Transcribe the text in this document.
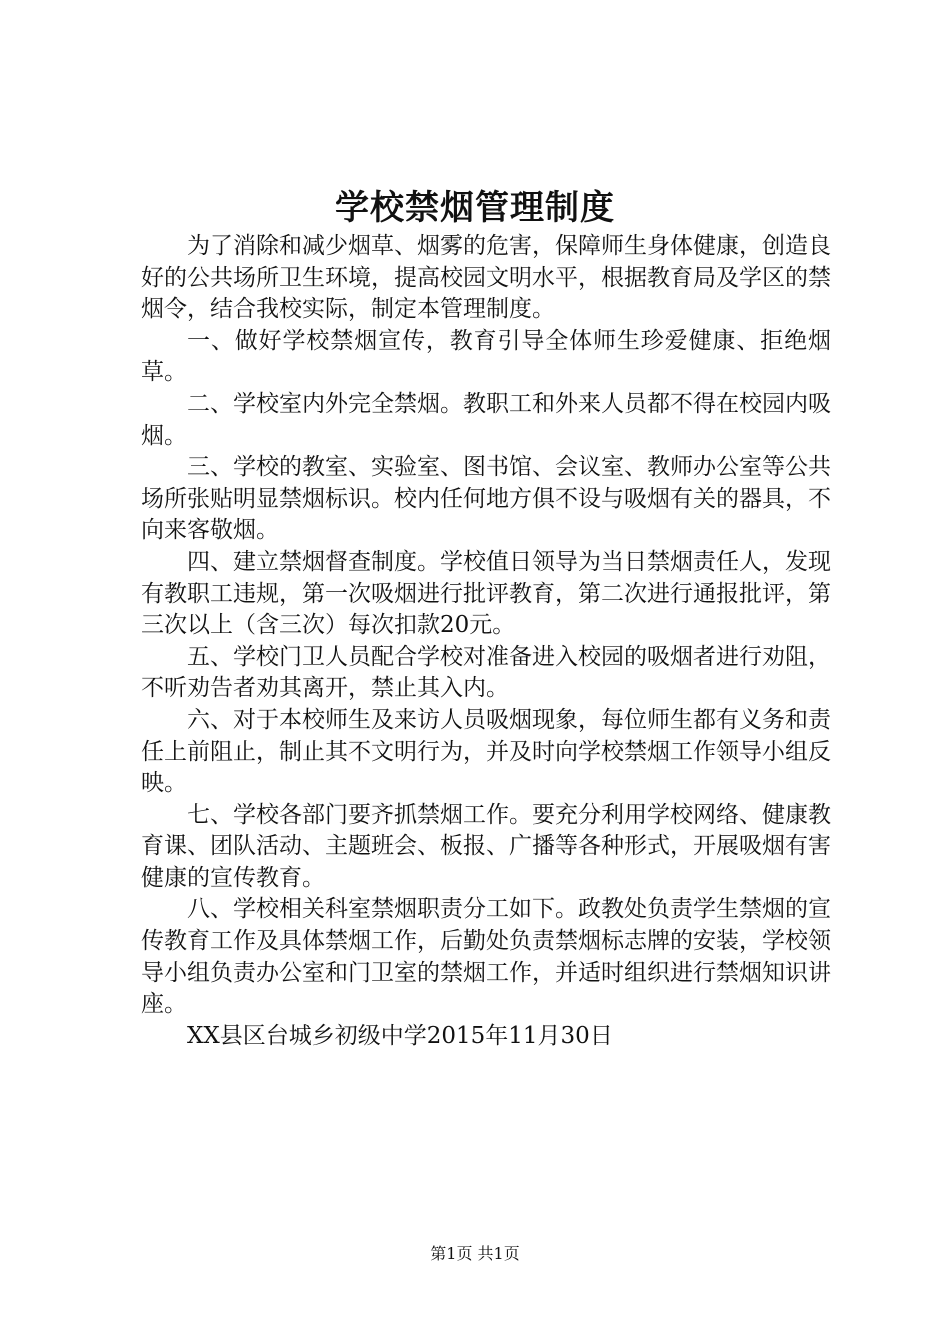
学校禁烟管理制度

为了消除和减少烟草、烟雾的危害，保障师生身体健康，创造良好的公共场所卫生环境，提高校园文明水平，根据教育局及学区的禁烟令，结合我校实际，制定本管理制度。

一、做好学校禁烟宣传，教育引导全体师生珍爱健康、拒绝烟草。

二、学校室内外完全禁烟。教职工和外来人员都不得在校园内吸烟。

三、学校的教室、实验室、图书馆、会议室、教师办公室等公共场所张贴明显禁烟标识。校内任何地方俱不设与吸烟有关的器具，不向来客敬烟。

四、建立禁烟督查制度。学校值日领导为当日禁烟责任人，发现有教职工违规，第一次吸烟进行批评教育，第二次进行通报批评，第三次以上（含三次）每次扣款20元。

五、学校门卫人员配合学校对准备进入校园的吸烟者进行劝阻，不听劝告者劝其离开，禁止其入内。

六、对于本校师生及来访人员吸烟现象，每位师生都有义务和责任上前阻止，制止其不文明行为，并及时向学校禁烟工作领导小组反映。

七、学校各部门要齐抓禁烟工作。要充分利用学校网络、健康教育课、团队活动、主题班会、板报、广播等各种形式，开展吸烟有害健康的宣传教育。

八、学校相关科室禁烟职责分工如下。政教处负责学生禁烟的宣传教育工作及具体禁烟工作，后勤处负责禁烟标志牌的安装，学校领导小组负责办公室和门卫室的禁烟工作，并适时组织进行禁烟知识讲座。

XX县区台城乡初级中学2015年11月30日

第1页 共1页
